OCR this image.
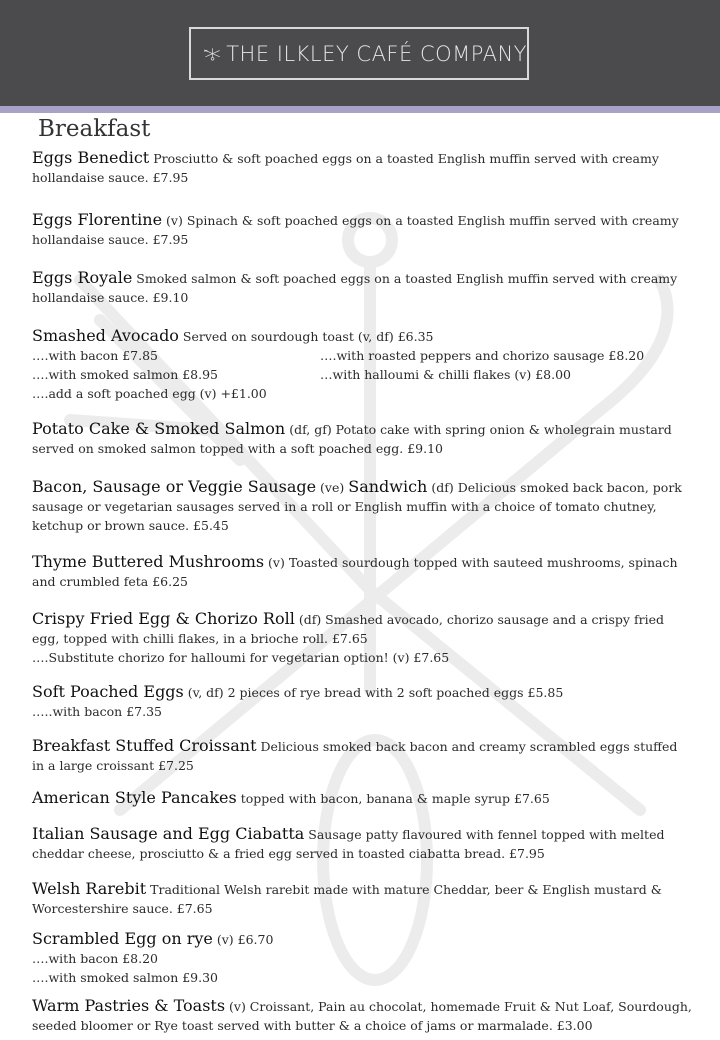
THE ILKLEY CAFÉ COMPANY
Breakfast
Eggs Benedict Prosciutto & soft poached eggs on a toasted English muffin served with creamy hollandaise sauce. £7.95
Eggs Florentine (v) Spinach & soft poached eggs on a toasted English muffin served with creamy hollandaise sauce. £7.95
Eggs Royale Smoked salmon & soft poached eggs on a toasted English muffin served with creamy hollandaise sauce. £9.10
Smashed Avocado Served on sourdough toast (v, df) £6.35
….with bacon £7.85	….with roasted peppers and chorizo sausage £8.20
….with smoked salmon £8.95	…with halloumi & chilli flakes (v) £8.00
….add a soft poached egg (v) +£1.00
Potato Cake & Smoked Salmon (df, gf) Potato cake with spring onion & wholegrain mustard served on smoked salmon topped with a soft poached egg. £9.10
Bacon, Sausage or Veggie Sausage (ve) Sandwich (df) Delicious smoked back bacon, pork sausage or vegetarian sausages served in a roll or English muffin with a choice of tomato chutney, ketchup or brown sauce. £5.45
Thyme Buttered Mushrooms (v) Toasted sourdough topped with sauteed mushrooms, spinach and crumbled feta £6.25
Crispy Fried Egg & Chorizo Roll (df) Smashed avocado, chorizo sausage and a crispy fried egg, topped with chilli flakes, in a brioche roll. £7.65
….Substitute chorizo for halloumi for vegetarian option! (v) £7.65
Soft Poached Eggs (v, df) 2 pieces of rye bread with 2 soft poached eggs £5.85
…..with bacon £7.35
Breakfast Stuffed Croissant Delicious smoked back bacon and creamy scrambled eggs stuffed in a large croissant £7.25
American Style Pancakes topped with bacon, banana & maple syrup £7.65
Italian Sausage and Egg Ciabatta Sausage patty flavoured with fennel topped with melted cheddar cheese, prosciutto & a fried egg served in toasted ciabatta bread. £7.95
Welsh Rarebit Traditional Welsh rarebit made with mature Cheddar, beer & English mustard & Worcestershire sauce. £7.65
Scrambled Egg on rye (v) £6.70
….with bacon £8.20
….with smoked salmon £9.30
Warm Pastries & Toasts (v) Croissant, Pain au chocolat, homemade Fruit & Nut Loaf, Sourdough, seeded bloomer or Rye toast served with butter & a choice of jams or marmalade. £3.00
